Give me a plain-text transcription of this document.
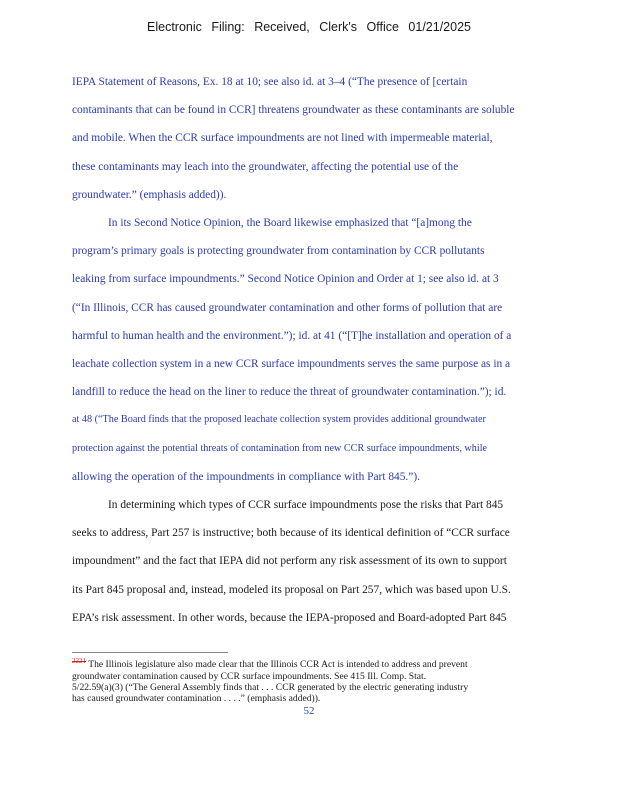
Electronic Filing: Received, Clerk's Office 01/21/2025

IEPA Statement of Reasons, Ex. 18 at 10; see also id. at 3–4 (“The presence of [certain
contaminants that can be found in CCR] threatens groundwater as these contaminants are soluble
and mobile. When the CCR surface impoundments are not lined with impermeable material,
these contaminants may leach into the groundwater, affecting the potential use of the
groundwater.” (emphasis added)).

In its Second Notice Opinion, the Board likewise emphasized that “[a]mong the
program’s primary goals is protecting groundwater from contamination by CCR pollutants
leaking from surface impoundments.” Second Notice Opinion and Order at 1; see also id. at 3
(“In Illinois, CCR has caused groundwater contamination and other forms of pollution that are
harmful to human health and the environment.”); id. at 41 (“[T]he installation and operation of a
leachate collection system in a new CCR surface impoundments serves the same purpose as in a
landfill to reduce the head on the liner to reduce the threat of groundwater contamination.”); id.
at 48 (“The Board finds that the proposed leachate collection system provides additional groundwater
protection against the potential threats of contamination from new CCR surface impoundments, while
allowing the operation of the impoundments in compliance with Part 845.”).

In determining which types of CCR surface impoundments pose the risks that Part 845
seeks to address, Part 257 is instructive; both because of its identical definition of “CCR surface
impoundment” and the fact that IEPA did not perform any risk assessment of its own to support
its Part 845 proposal and, instead, modeled its proposal on Part 257, which was based upon U.S.
EPA’s risk assessment. In other words, because the IEPA-proposed and Board-adopted Part 845

$^{2221}$ The Illinois legislature also made clear that the Illinois CCR Act is intended to address and prevent
groundwater contamination caused by CCR surface impoundments. See 415 Ill. Comp. Stat.
5/22.59(a)(3) (“The General Assembly finds that . . . CCR generated by the electric generating industry
has caused groundwater contamination . . . .” (emphasis added)).
52
